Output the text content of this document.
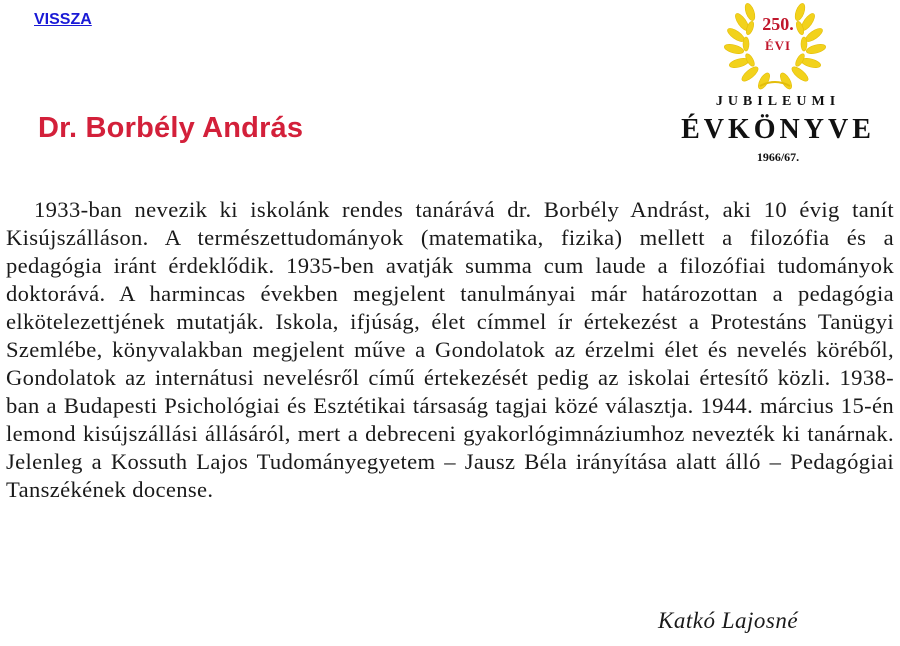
VISSZA
Dr. Borbély András
250.
ÉVI
JUBILEUMI
ÉVKÖNYVE
1966/67.

1933-ban nevezik ki iskolánk rendes tanárává dr. Borbély Andrást, aki 10 évig tanít Kisújszálláson. A természettudományok (matematika, fizika) mellett a filozófia és a pedagógia iránt érdeklődik. 1935-ben avatják summa cum laude a filozófiai tudományok doktorává. A harmincas években megjelent tanulmányai már határozottan a pedagógia elkötelezettjének mutatják. Iskola, ifjúság, élet címmel ír értekezést a Protestáns Tanügyi Szemlébe, könyvalakban megjelent műve a Gondolatok az érzelmi élet és nevelés köréből, Gondolatok az internátusi nevelésről című értekezését pedig az iskolai értesítő közli. 1938-ban a Budapesti Psichológiai és Esztétikai társaság tagjai közé választja. 1944. március 15-én lemond kisújszállási állásáról, mert a debreceni gyakorlógimnáziumhoz nevezték ki tanárnak. Jelenleg a Kossuth Lajos Tudományegyetem – Jausz Béla irányítása alatt álló – Pedagógiai Tanszékének docense.

Katkó Lajosné
